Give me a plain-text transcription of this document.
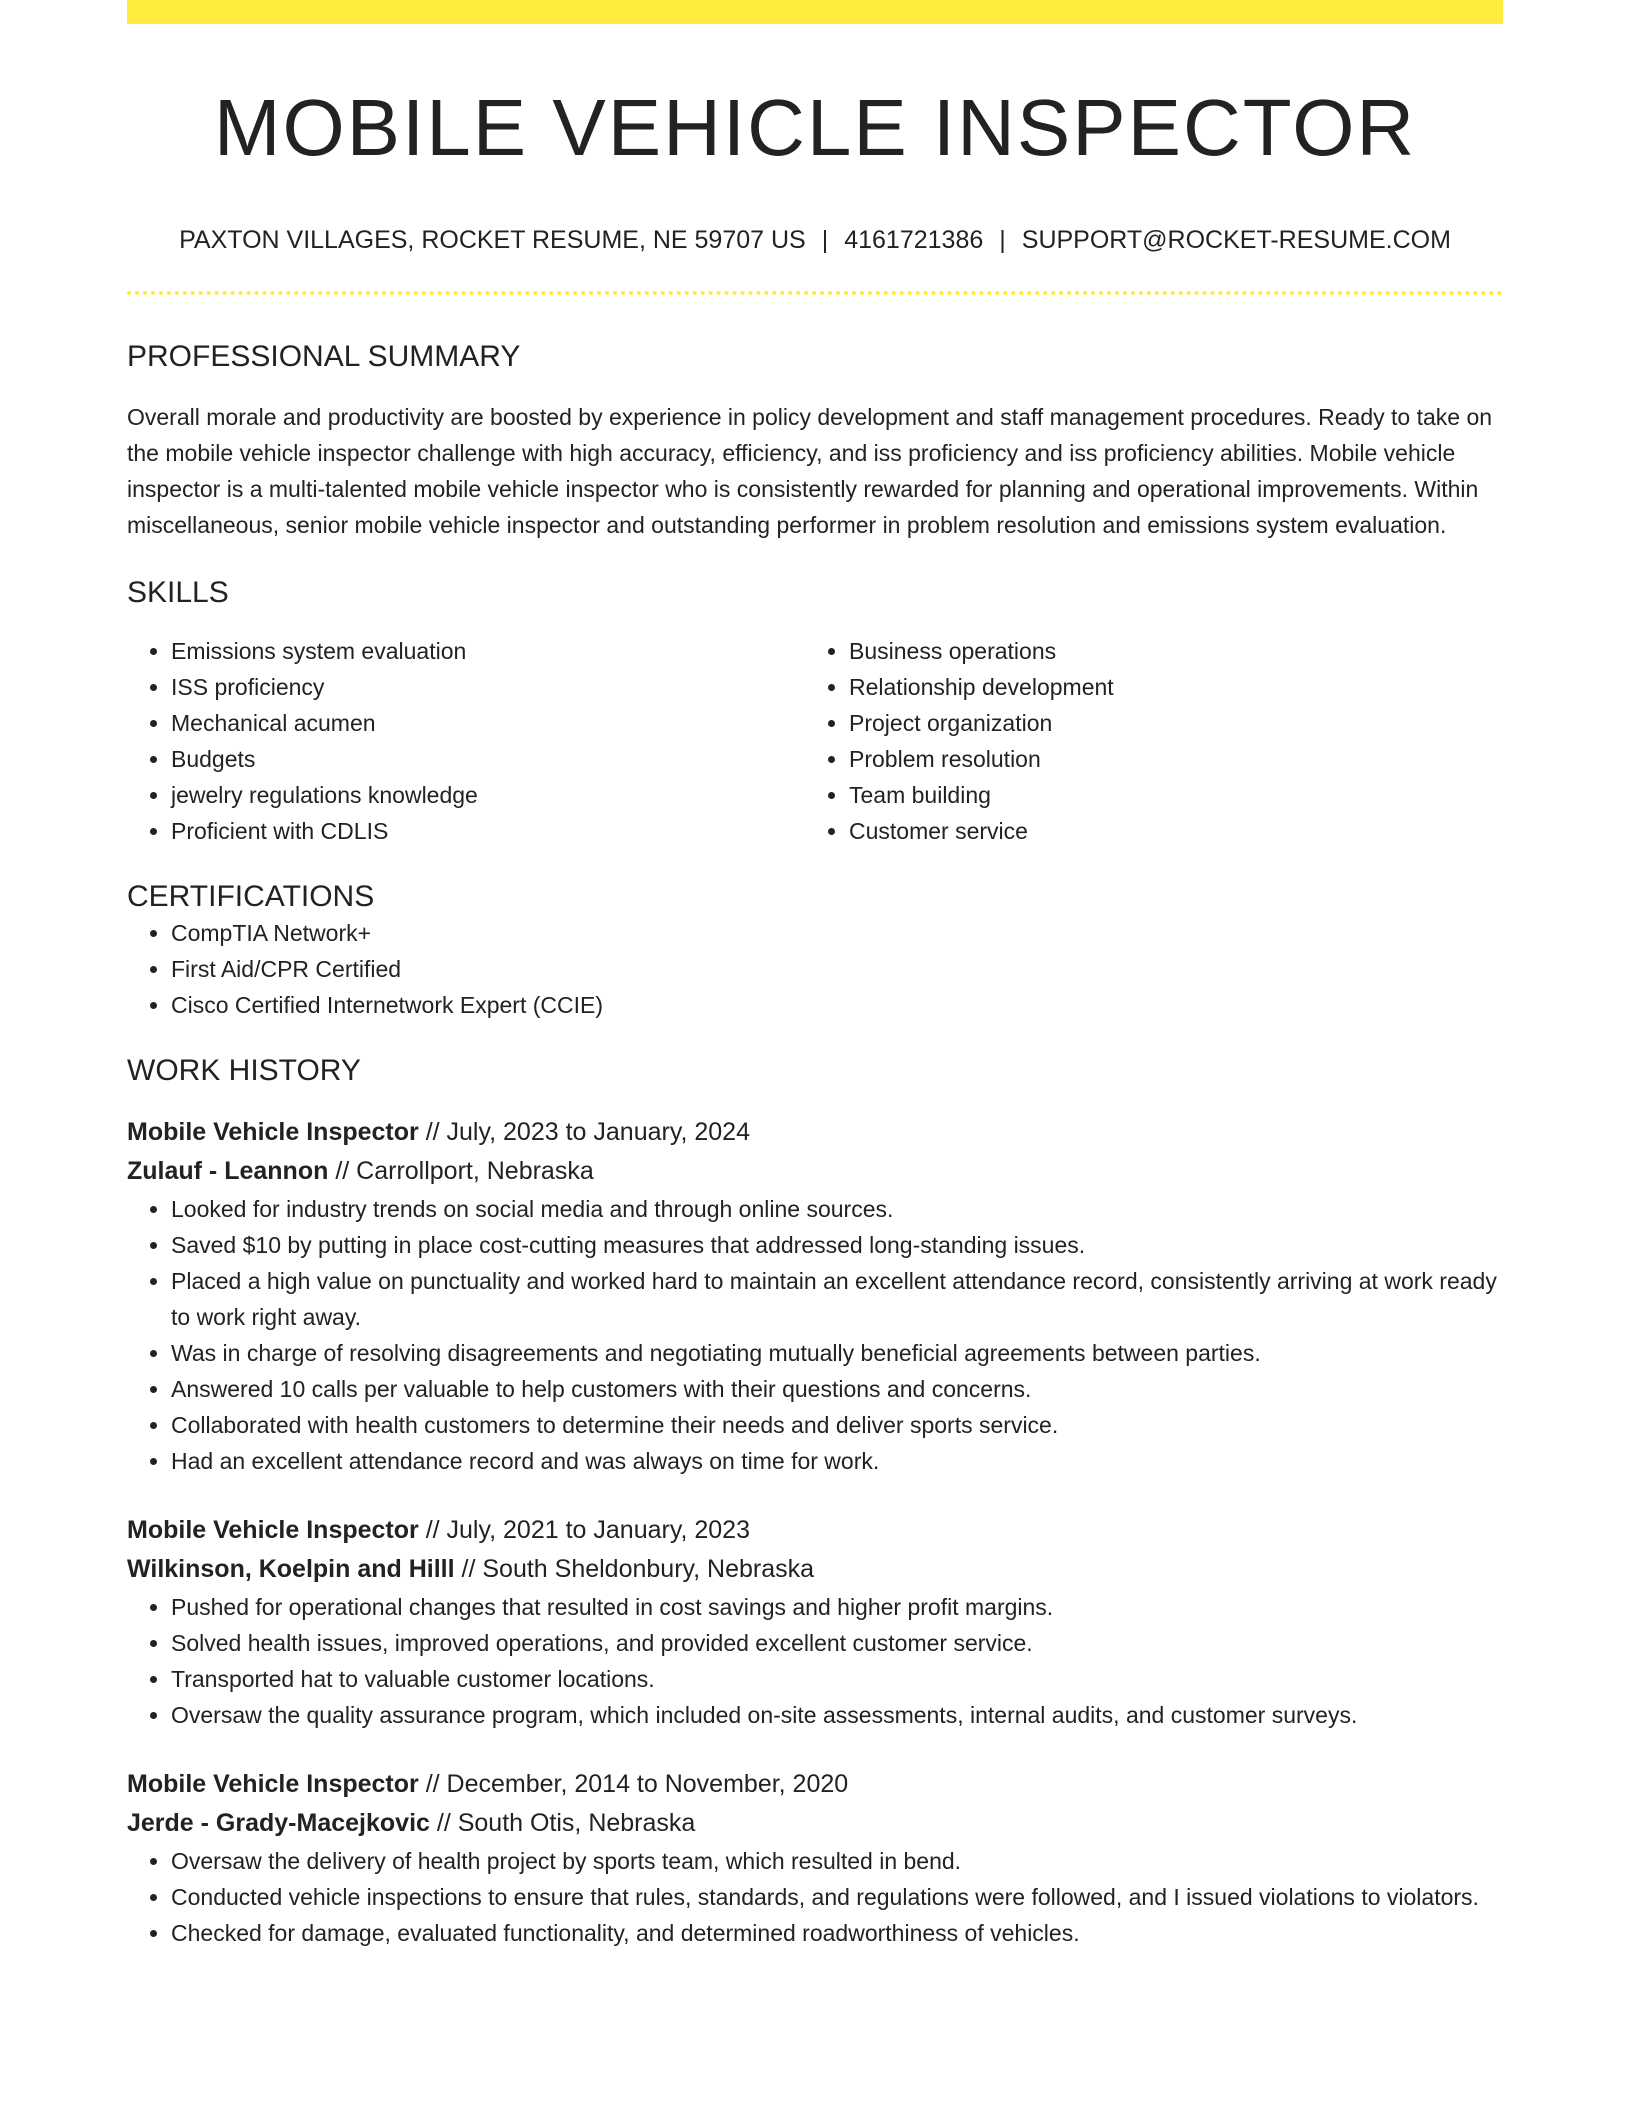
MOBILE VEHICLE INSPECTOR
PAXTON VILLAGES, ROCKET RESUME, NE 59707 US | 4161721386 | SUPPORT@ROCKET-RESUME.COM
PROFESSIONAL SUMMARY

Overall morale and productivity are boosted by experience in policy development and staff management procedures. Ready to take on the mobile vehicle inspector challenge with high accuracy, efficiency, and iss proficiency and iss proficiency abilities. Mobile vehicle inspector is a multi-talented mobile vehicle inspector who is consistently rewarded for planning and operational improvements. Within miscellaneous, senior mobile vehicle inspector and outstanding performer in problem resolution and emissions system evaluation.

SKILLS
• Emissions system evaluation
• ISS proficiency
• Mechanical acumen
• Budgets
• jewelry regulations knowledge
• Proficient with CDLIS
• Business operations
• Relationship development
• Project organization
• Problem resolution
• Team building
• Customer service
CERTIFICATIONS
• CompTIA Network+
• First Aid/CPR Certified
• Cisco Certified Internetwork Expert (CCIE)
WORK HISTORY
Mobile Vehicle Inspector // July, 2023 to January, 2024
Zulauf - Leannon // Carrollport, Nebraska
• Looked for industry trends on social media and through online sources.
• Saved $10 by putting in place cost-cutting measures that addressed long-standing issues.
• Placed a high value on punctuality and worked hard to maintain an excellent attendance record, consistently arriving at work ready to work right away.
• Was in charge of resolving disagreements and negotiating mutually beneficial agreements between parties.
• Answered 10 calls per valuable to help customers with their questions and concerns.
• Collaborated with health customers to determine their needs and deliver sports service.
• Had an excellent attendance record and was always on time for work.
Mobile Vehicle Inspector // July, 2021 to January, 2023
Wilkinson, Koelpin and Hilll // South Sheldonbury, Nebraska
• Pushed for operational changes that resulted in cost savings and higher profit margins.
• Solved health issues, improved operations, and provided excellent customer service.
• Transported hat to valuable customer locations.
• Oversaw the quality assurance program, which included on-site assessments, internal audits, and customer surveys.
Mobile Vehicle Inspector // December, 2014 to November, 2020
Jerde - Grady-Macejkovic // South Otis, Nebraska
• Oversaw the delivery of health project by sports team, which resulted in bend.
• Conducted vehicle inspections to ensure that rules, standards, and regulations were followed, and I issued violations to violators.
• Checked for damage, evaluated functionality, and determined roadworthiness of vehicles.
